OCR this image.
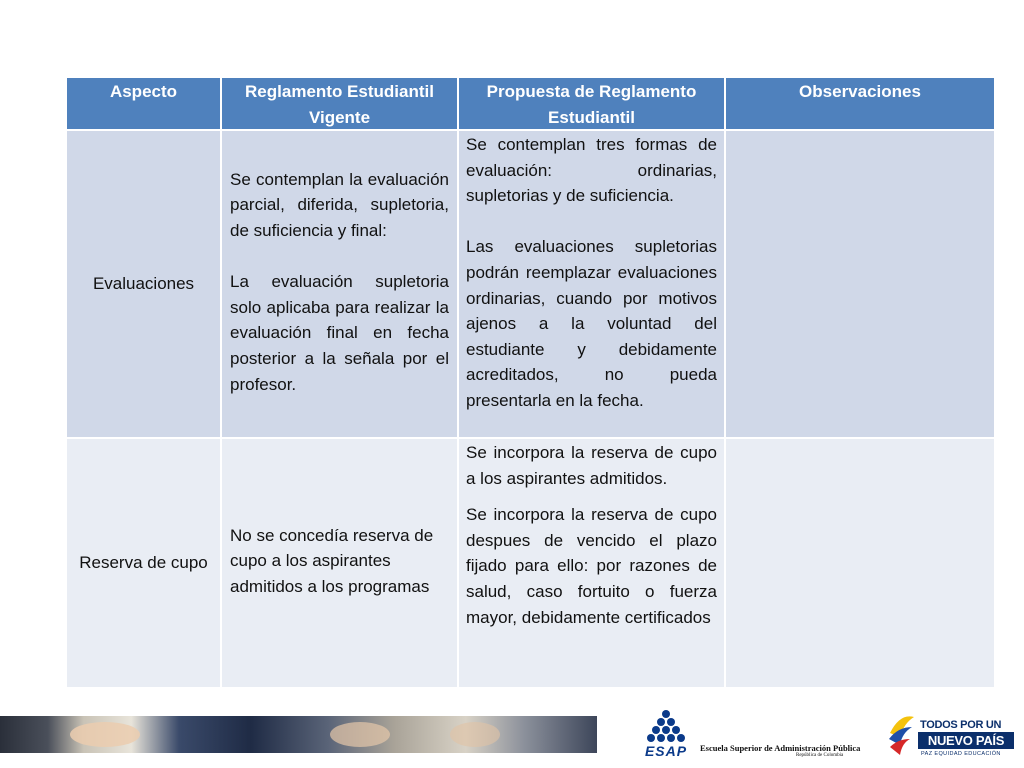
Aspecto	Reglamento Estudiantil Vigente
Propuesta de Reglamento Estudiantil
Observaciones
Evaluaciones

Se contemplan la evaluación parcial, diferida, supletoria, de suficiencia y final:

La evaluación supletoria solo aplicaba para realizar la evaluación final en fecha posterior a la señala por el profesor.

Se contemplan tres formas de evaluación: ordinarias, supletorias y de suficiencia.

Las evaluaciones supletorias podrán reemplazar evaluaciones ordinarias, cuando por motivos ajenos a la voluntad del estudiante y debidamente acreditados, no pueda presentarla en la fecha.

Reserva de cupo

No se concedía reserva de cupo a los aspirantes admitidos a los programas

Se incorpora la reserva de cupo a los aspirantes admitidos.

Se incorpora la reserva de cupo despues de vencido el plazo fijado para ello: por razones de salud, caso fortuito o fuerza mayor, debidamente certificados

ESAP Escuela Superior de Administración Pública
República de Colombia
TODOS POR UN
NUEVO PAÍS
PAZ EQUIDAD EDUCACIÓN
